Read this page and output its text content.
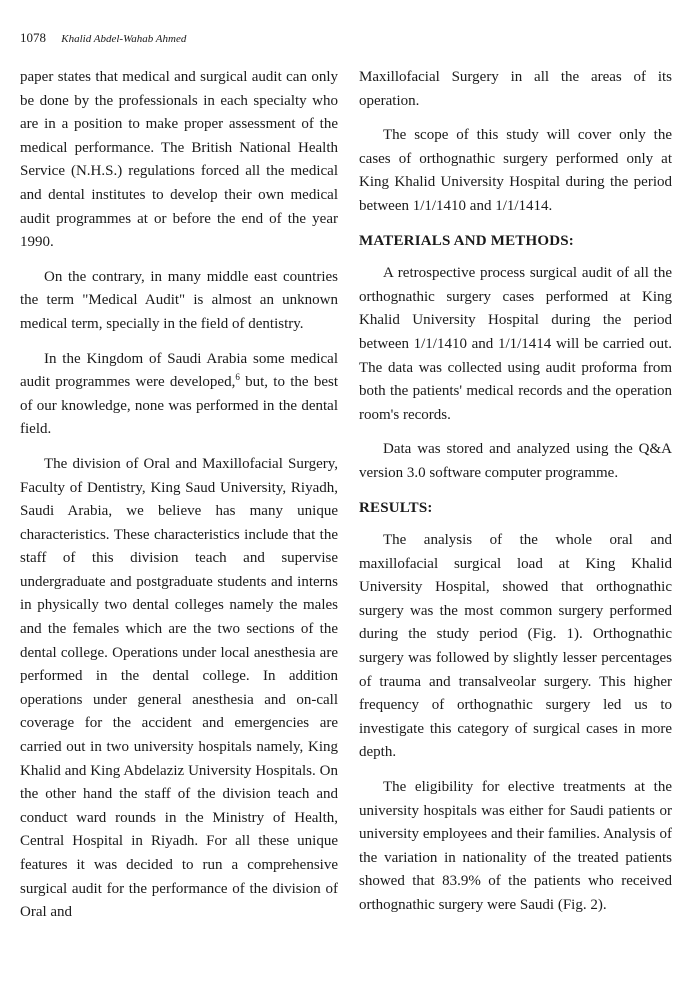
1078 Khalid Abdel-Wahab Ahmed

paper states that medical and surgical audit can only be done by the professionals in each specialty who are in a position to make proper assessment of the medical performance. The British National Health Service (N.H.S.) regulations forced all the medical and dental institutes to develop their own medical audit programmes at or before the end of the year 1990.

On the contrary, in many middle east countries the term "Medical Audit" is almost an unknown medical term, specially in the field of dentistry.

In the Kingdom of Saudi Arabia some medical audit programmes were developed,$^6$ but, to the best of our knowledge, none was performed in the dental field.

The division of Oral and Maxillofacial Surgery, Faculty of Dentistry, King Saud University, Riyadh, Saudi Arabia, we believe has many unique characteristics. These characteristics include that the staff of this division teach and supervise undergraduate and postgraduate students and interns in physically two dental colleges namely the males and the females which are the two sections of the dental college. Operations under local anesthesia are performed in the dental college. In addition operations under general anesthesia and on-call coverage for the accident and emergencies are carried out in two university hospitals namely, King Khalid and King Abdelaziz University Hospitals. On the other hand the staff of the division teach and conduct ward rounds in the Ministry of Health, Central Hospital in Riyadh. For all these unique features it was decided to run a comprehensive surgical audit for the performance of the division of Oral and

Maxillofacial Surgery in all the areas of its operation.

The scope of this study will cover only the cases of orthognathic surgery performed only at King Khalid University Hospital during the period between 1/1/1410 and 1/1/1414.

MATERIALS AND METHODS:

A retrospective process surgical audit of all the orthognathic surgery cases performed at King Khalid University Hospital during the period between 1/1/1410 and 1/1/1414 will be carried out. The data was collected using audit proforma from both the patients' medical records and the operation room's records.

Data was stored and analyzed using the Q&A version 3.0 software computer programme.

RESULTS:

The analysis of the whole oral and maxillofacial surgical load at King Khalid University Hospital, showed that orthognathic surgery was the most common surgery performed during the study period (Fig. 1). Orthognathic surgery was followed by slightly lesser percentages of trauma and transalveolar surgery. This higher frequency of orthognathic surgery led us to investigate this category of surgical cases in more depth.

The eligibility for elective treatments at the university hospitals was either for Saudi patients or university employees and their families. Analysis of the variation in nationality of the treated patients showed that 83.9% of the patients who received orthognathic surgery were Saudi (Fig. 2).
